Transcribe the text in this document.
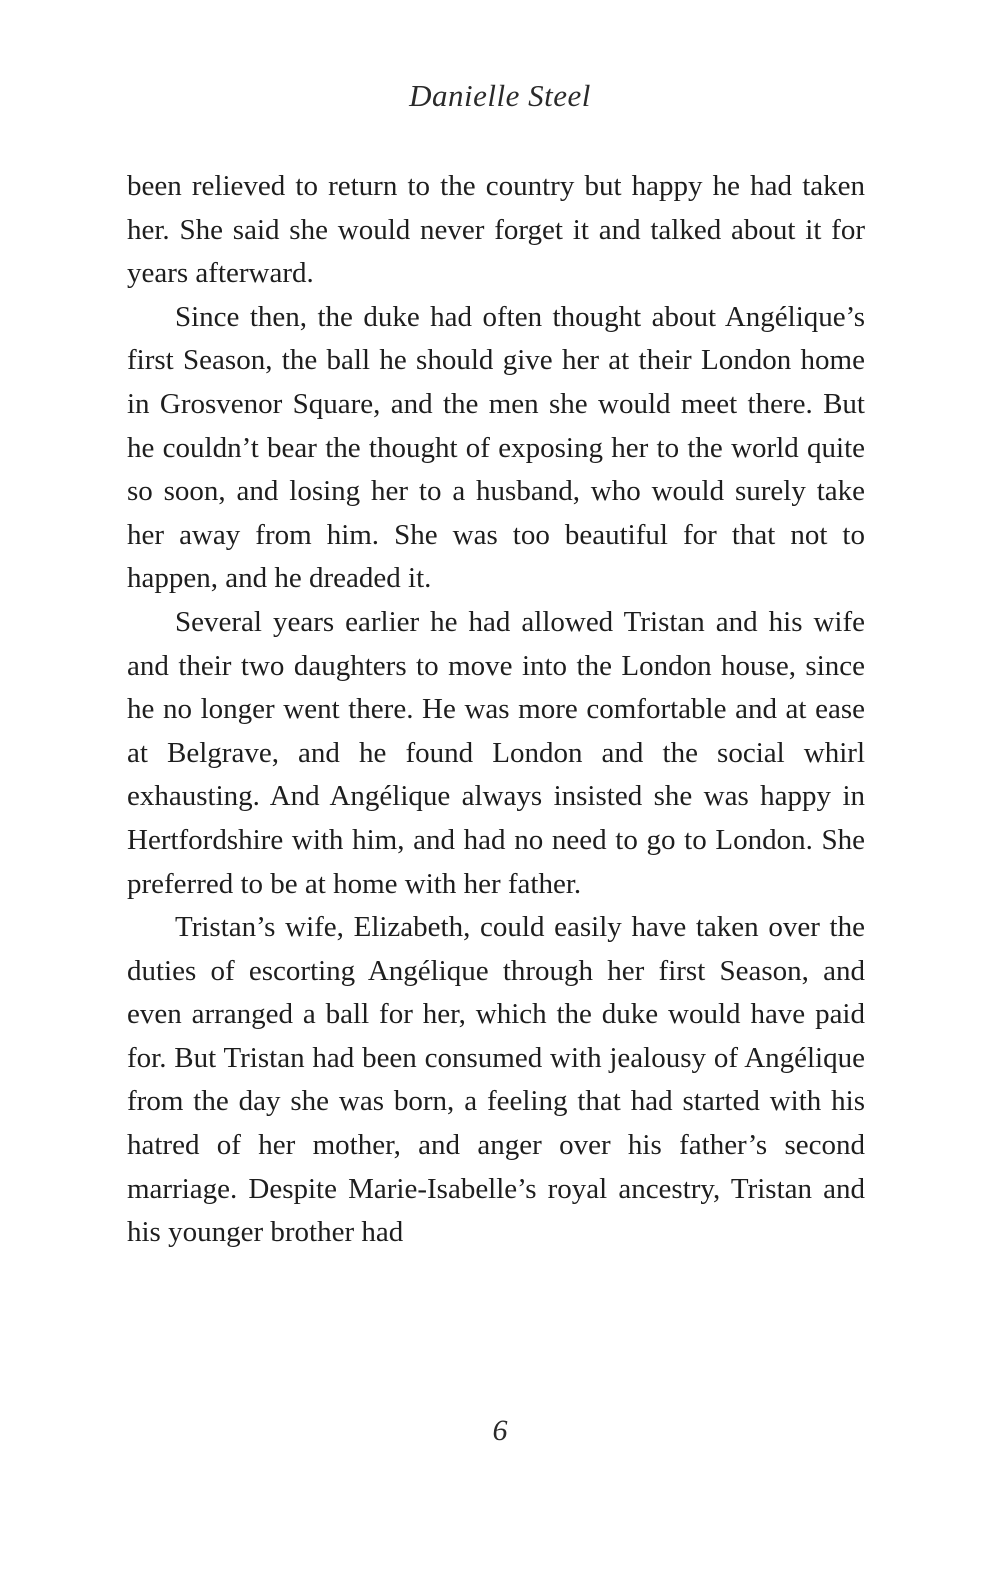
Danielle Steel

been relieved to return to the country but happy he had taken her. She said she would never forget it and talked about it for years afterward.

Since then, the duke had often thought about Angélique’s first Season, the ball he should give her at their London home in Grosvenor Square, and the men she would meet there. But he couldn’t bear the thought of exposing her to the world quite so soon, and losing her to a husband, who would surely take her away from him. She was too beautiful for that not to happen, and he dreaded it.

Several years earlier he had allowed Tristan and his wife and their two daughters to move into the London house, since he no longer went there. He was more comfortable and at ease at Belgrave, and he found London and the social whirl exhausting. And Angélique always insisted she was happy in Hertfordshire with him, and had no need to go to London. She preferred to be at home with her father.

Tristan’s wife, Elizabeth, could easily have taken over the duties of escorting Angélique through her first Season, and even arranged a ball for her, which the duke would have paid for. But Tristan had been consumed with jealousy of Angélique from the day she was born, a feeling that had started with his hatred of her mother, and anger over his father’s second marriage. Despite Marie-Isabelle’s royal ancestry, Tristan and his younger brother had

6
